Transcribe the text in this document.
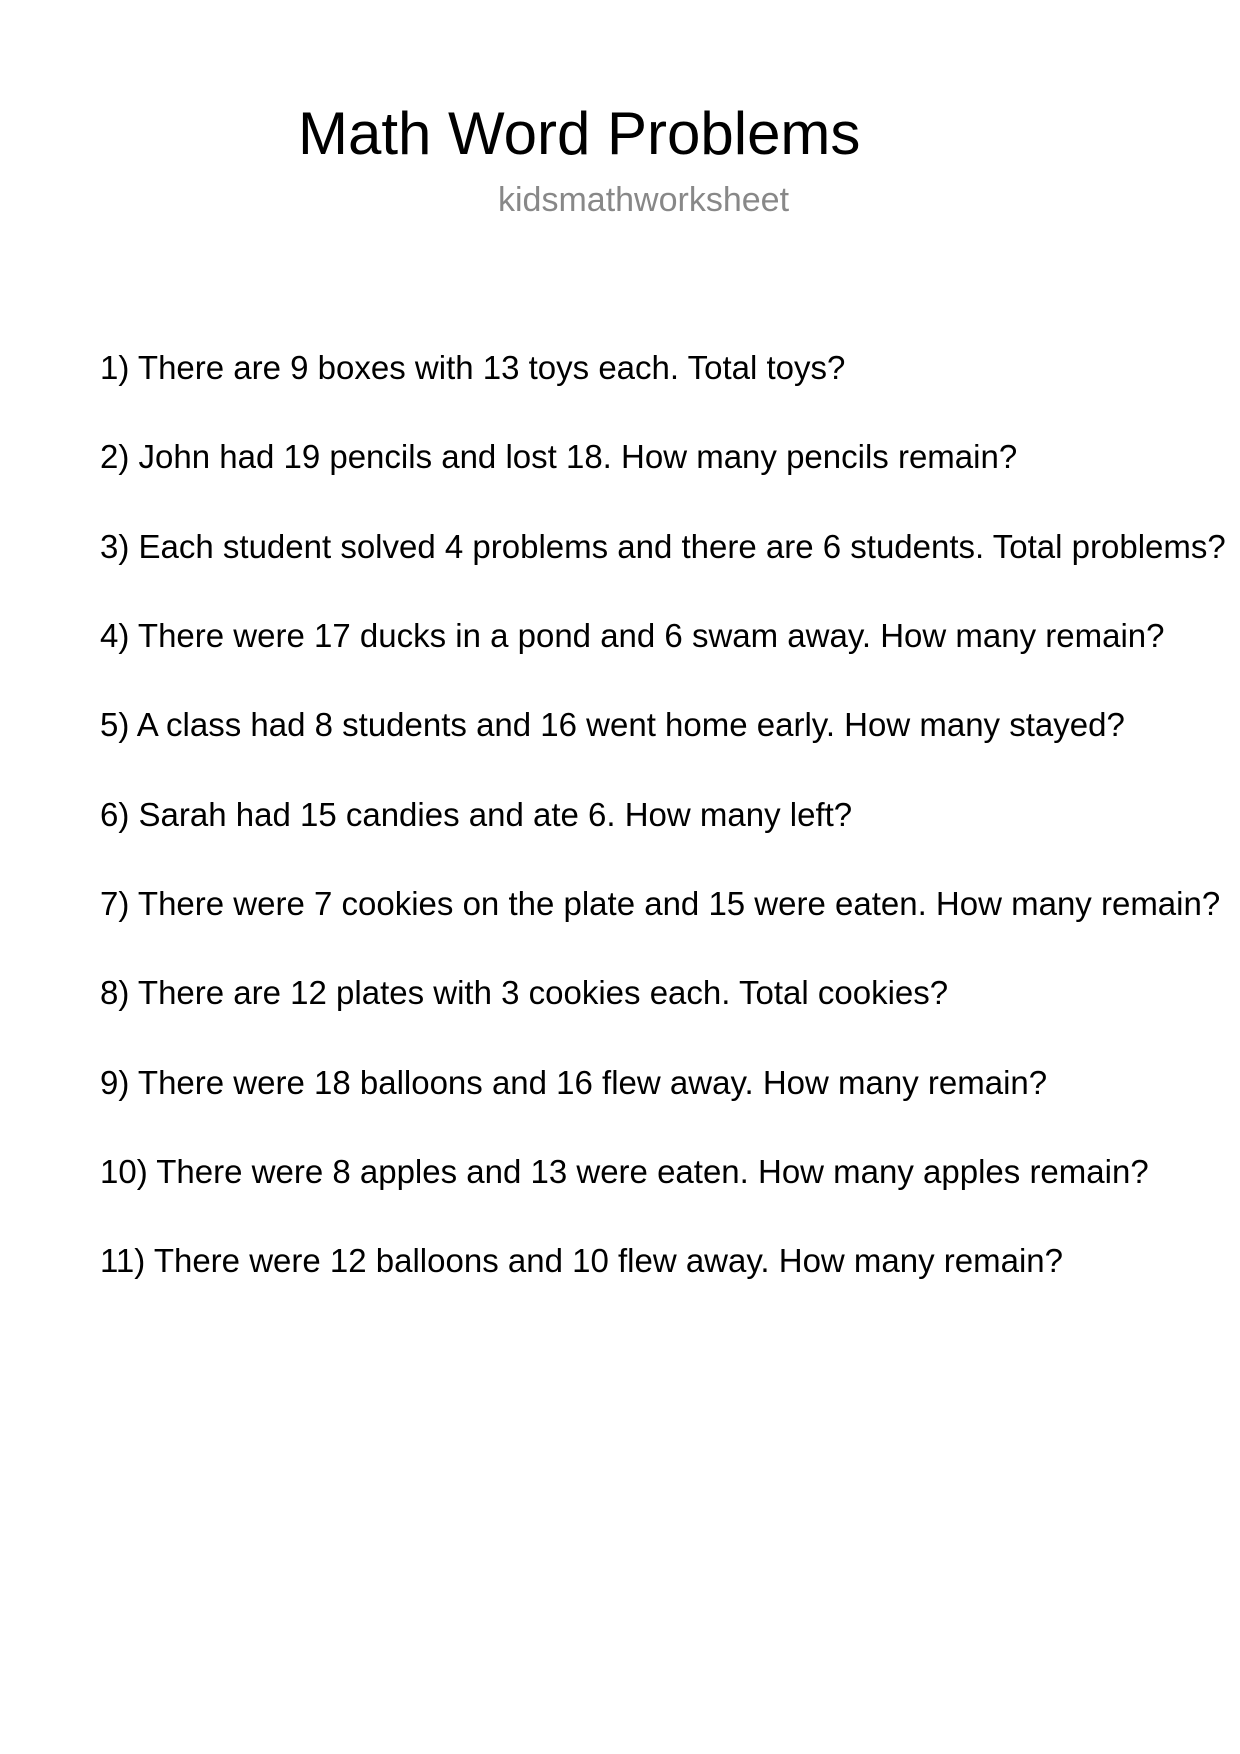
Math Word Problems
kidsmathworksheet
1) There are 9 boxes with 13 toys each. Total toys?
2) John had 19 pencils and lost 18. How many pencils remain?
3) Each student solved 4 problems and there are 6 students. Total problems?
4) There were 17 ducks in a pond and 6 swam away. How many remain?
5) A class had 8 students and 16 went home early. How many stayed?
6) Sarah had 15 candies and ate 6. How many left?
7) There were 7 cookies on the plate and 15 were eaten. How many remain?
8) There are 12 plates with 3 cookies each. Total cookies?
9) There were 18 balloons and 16 flew away. How many remain?
10) There were 8 apples and 13 were eaten. How many apples remain?
11) There were 12 balloons and 10 flew away. How many remain?
